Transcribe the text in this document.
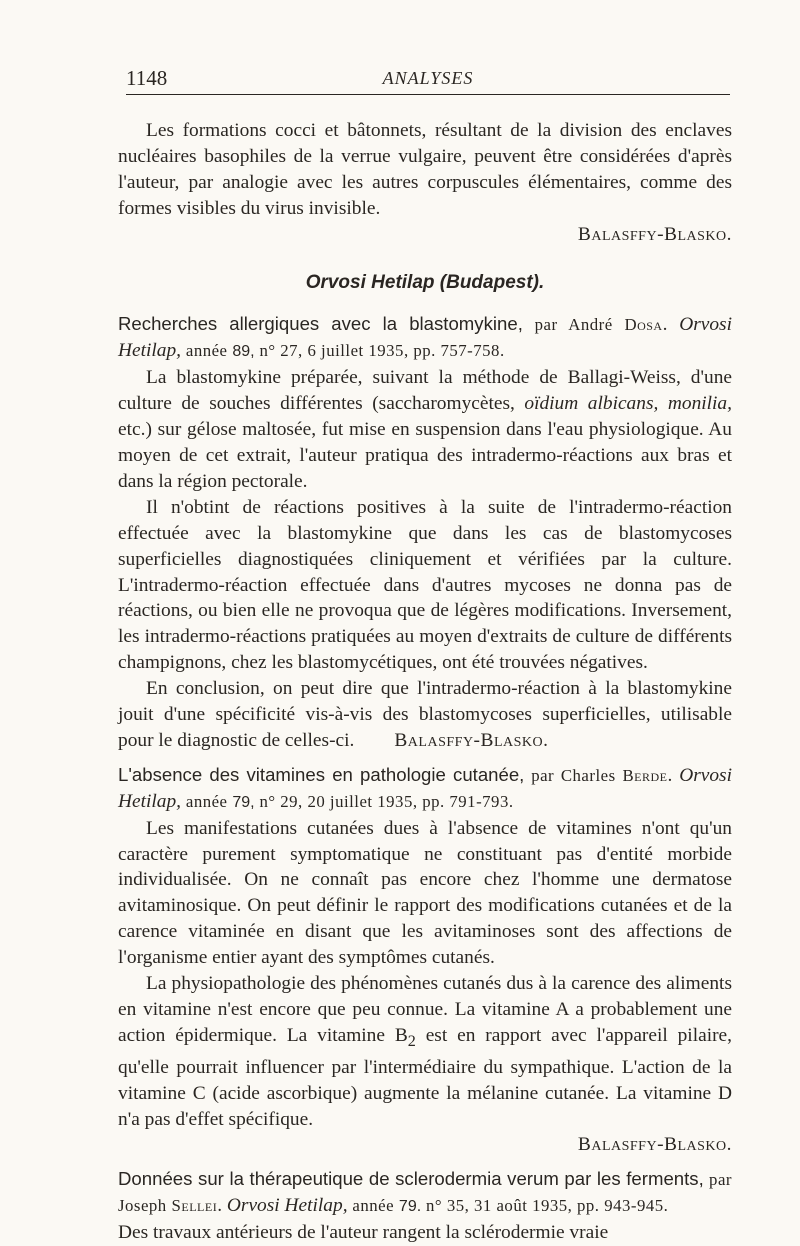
1148	ANALYSES

Les formations cocci et bâtonnets, résultant de la division des enclaves nucléaires basophiles de la verrue vulgaire, peuvent être considérées d'après l'auteur, par analogie avec les autres corpuscules élémentaires, comme des formes visibles du virus invisible.

Balasffy-Blasko.

Orvosi Hetilap (Budapest).

Recherches allergiques avec la blastomykine, par André Dosa. Orvosi Hetilap, année 89, n° 27, 6 juillet 1935, pp. 757-758.

La blastomykine préparée, suivant la méthode de Ballagi-Weiss, d'une culture de souches différentes (saccharomycètes, oïdium albicans, monilia, etc.) sur gélose maltosée, fut mise en suspension dans l'eau physiologique. Au moyen de cet extrait, l'auteur pratiqua des intradermo-réactions aux bras et dans la région pectorale.

Il n'obtint de réactions positives à la suite de l'intradermo-réaction effectuée avec la blastomykine que dans les cas de blastomycoses superficielles diagnostiquées cliniquement et vérifiées par la culture. L'intradermo-réaction effectuée dans d'autres mycoses ne donna pas de réactions, ou bien elle ne provoqua que de légères modifications. Inversement, les intradermo-réactions pratiquées au moyen d'extraits de culture de différents champignons, chez les blastomycétiques, ont été trouvées négatives.

En conclusion, on peut dire que l'intradermo-réaction à la blastomykine jouit d'une spécificité vis-à-vis des blastomycoses superficielles, utilisable pour le diagnostic de celles-ci. Balasffy-Blasko.

L'absence des vitamines en pathologie cutanée, par Charles Berde. Orvosi Hetilap, année 79, n° 29, 20 juillet 1935, pp. 791-793.

Les manifestations cutanées dues à l'absence de vitamines n'ont qu'un caractère purement symptomatique ne constituant pas d'entité morbide individualisée. On ne connaît pas encore chez l'homme une dermatose avitaminosique. On peut définir le rapport des modifications cutanées et de la carence vitaminée en disant que les avitaminoses sont des affections de l'organisme entier ayant des symptômes cutanés.

La physiopathologie des phénomènes cutanés dus à la carence des aliments en vitamine n'est encore que peu connue. La vitamine A a probablement une action épidermique. La vitamine $B_2$ est en rapport avec l'appareil pilaire, qu'elle pourrait influencer par l'intermédiaire du sympathique. L'action de la vitamine C (acide ascorbique) augmente la mélanine cutanée. La vitamine D n'a pas d'effet spécifique.

Balasffy-Blasko.

Données sur la thérapeutique de sclerodermia verum par les ferments, par Joseph Sellei. Orvosi Hetilap, année 79. n° 35, 31 août 1935, pp. 943-945.

Des travaux antérieurs de l'auteur rangent la sclérodermie vraie
